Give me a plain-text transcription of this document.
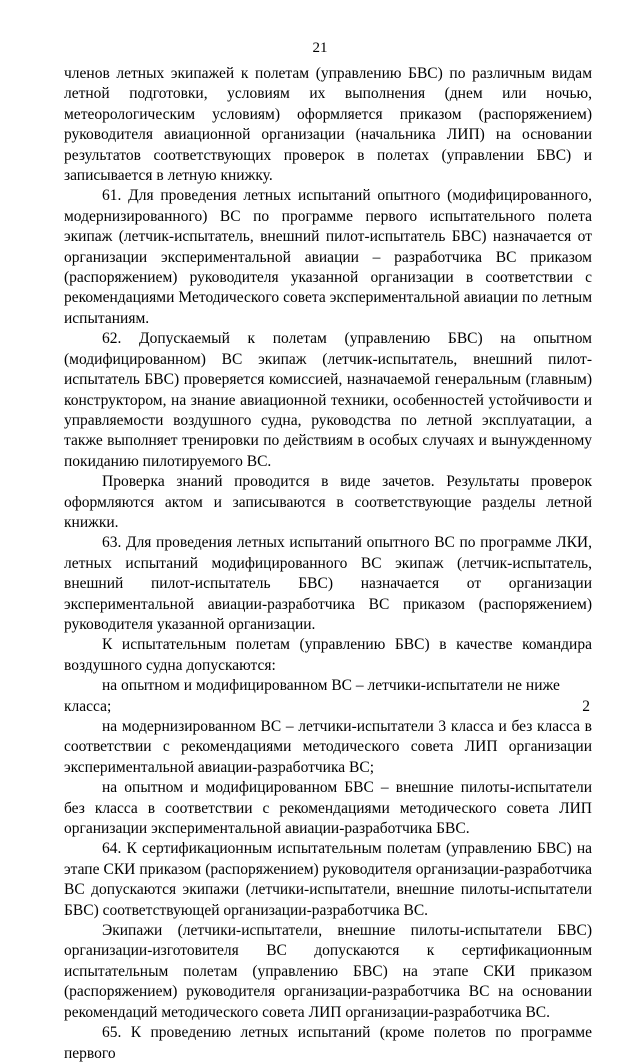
21

членов летных экипажей к полетам (управлению БВС) по различным видам летной подготовки, условиям их выполнения (днем или ночью, метеорологическим условиям) оформляется приказом (распоряжением) руководителя авиационной организации (начальника ЛИП) на основании результатов соответствующих проверок в полетах (управлении БВС) и записывается в летную книжку.

61. Для проведения летных испытаний опытного (модифицированного, модернизированного) ВС по программе первого испытательного полета экипаж (летчик-испытатель, внешний пилот-испытатель БВС) назначается от организации экспериментальной авиации – разработчика ВС приказом (распоряжением) руководителя указанной организации в соответствии с рекомендациями Методического совета экспериментальной авиации по летным испытаниям.

62. Допускаемый к полетам (управлению БВС) на опытном (модифицированном) ВС экипаж (летчик-испытатель, внешний пилот-испытатель БВС) проверяется комиссией, назначаемой генеральным (главным) конструктором, на знание авиационной техники, особенностей устойчивости и управляемости воздушного судна, руководства по летной эксплуатации, а также выполняет тренировки по действиям в особых случаях и вынужденному покиданию пилотируемого ВС.

Проверка знаний проводится в виде зачетов. Результаты проверок оформляются актом и записываются в соответствующие разделы летной книжки.

63. Для проведения летных испытаний опытного ВС по программе ЛКИ, летных испытаний модифицированного ВС экипаж (летчик-испытатель, внешний пилот-испытатель БВС) назначается от организации экспериментальной авиации-разработчика ВС приказом (распоряжением) руководителя указанной организации.

К испытательным полетам (управлению БВС) в качестве командира воздушного судна допускаются:

на опытном и модифицированном ВС – летчики-испытатели не ниже
2

класса;

на модернизированном ВС – летчики-испытатели 3 класса и без класса в соответствии с рекомендациями методического совета ЛИП организации экспериментальной авиации-разработчика ВС;

на опытном и модифицированном БВС – внешние пилоты-испытатели без класса в соответствии с рекомендациями методического совета ЛИП организации экспериментальной авиации-разработчика БВС.

64. К сертификационным испытательным полетам (управлению БВС) на этапе СКИ приказом (распоряжением) руководителя организации-разработчика ВС допускаются экипажи (летчики-испытатели, внешние пилоты-испытатели БВС) соответствующей организации-разработчика ВС.

Экипажи (летчики-испытатели, внешние пилоты-испытатели БВС) организации-изготовителя ВС допускаются к сертификационным испытательным полетам (управлению БВС) на этапе СКИ приказом (распоряжением) руководителя организации-разработчика ВС на основании рекомендаций методического совета ЛИП организации-разработчика ВС.

65. К проведению летных испытаний (кроме полетов по программе первого
